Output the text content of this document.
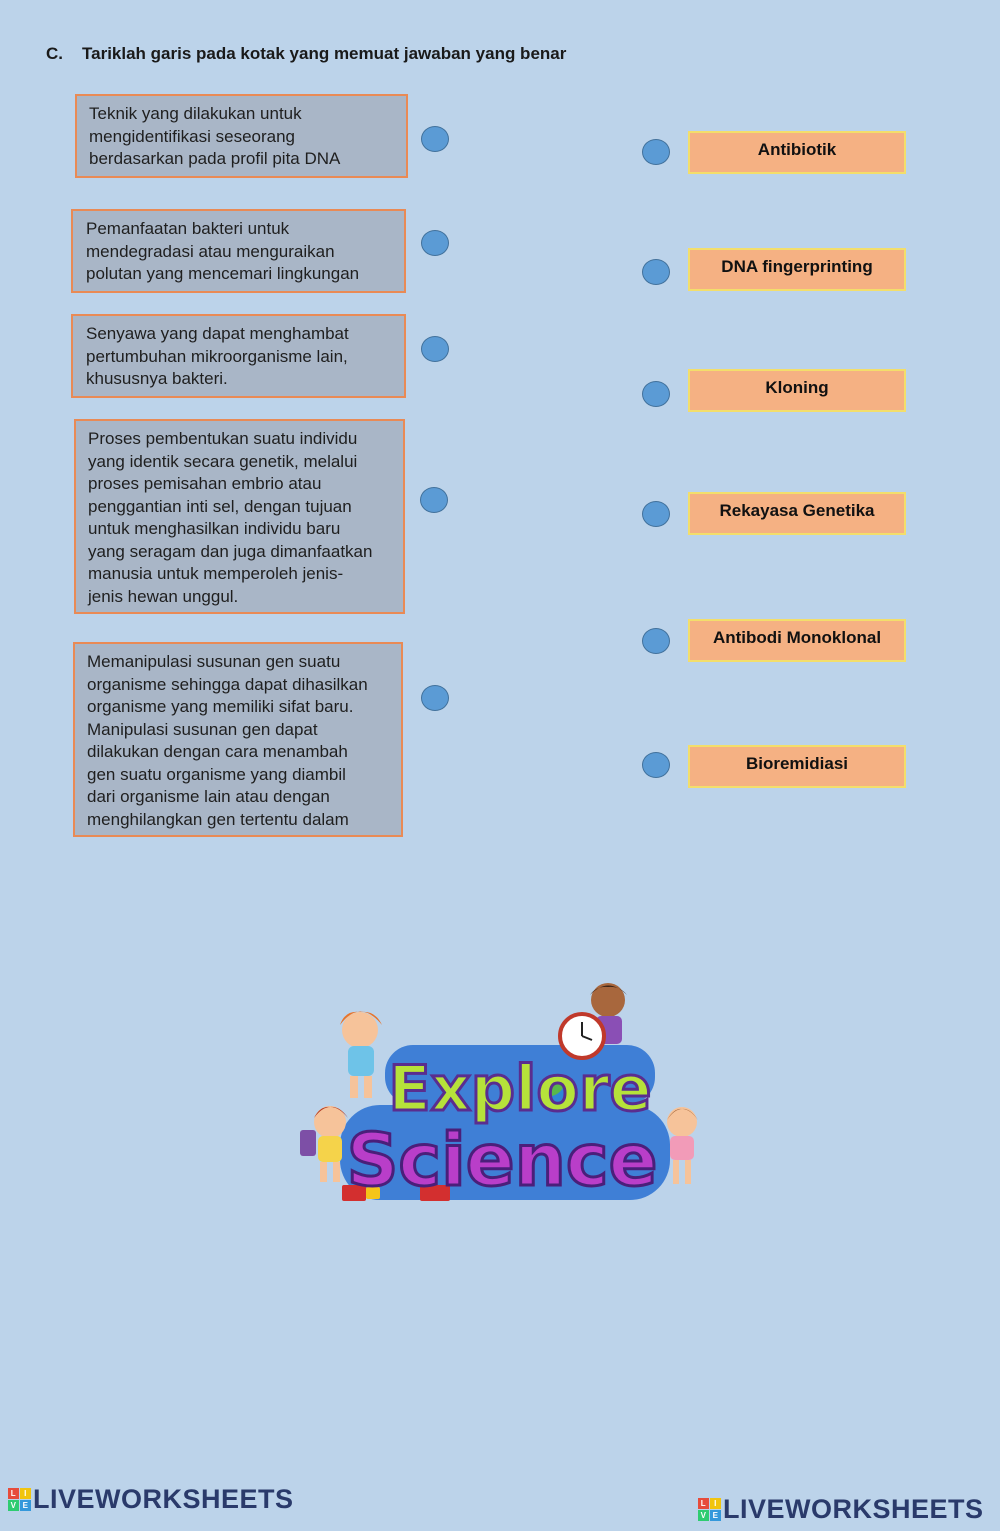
C. Tariklah garis pada kotak yang memuat jawaban yang benar
Teknik yang dilakukan untuk
mengidentifikasi seseorang
berdasarkan pada profil pita DNA
Pemanfaatan bakteri untuk
mendegradasi atau menguraikan
polutan yang mencemari lingkungan
Senyawa yang dapat menghambat
pertumbuhan mikroorganisme lain,
khususnya bakteri.
Proses pembentukan suatu individu
yang identik secara genetik, melalui
proses pemisahan embrio atau
penggantian inti sel, dengan tujuan
untuk menghasilkan individu baru
yang seragam dan juga dimanfaatkan
manusia untuk memperoleh jenis-
jenis hewan unggul.
Memanipulasi susunan gen suatu
organisme sehingga dapat dihasilkan
organisme yang memiliki sifat baru.
Manipulasi susunan gen dapat
dilakukan dengan cara menambah
gen suatu organisme yang diambil
dari organisme lain atau dengan
menghilangkan gen tertentu dalam
Antibiotik
DNA fingerprinting
Kloning
Rekayasa Genetika
Antibodi Monoklonal
Bioremidiasi
Explore
Science
L I
V E LIVEWORKSHEETS	L I
V E LIVEWORKSHEETS
